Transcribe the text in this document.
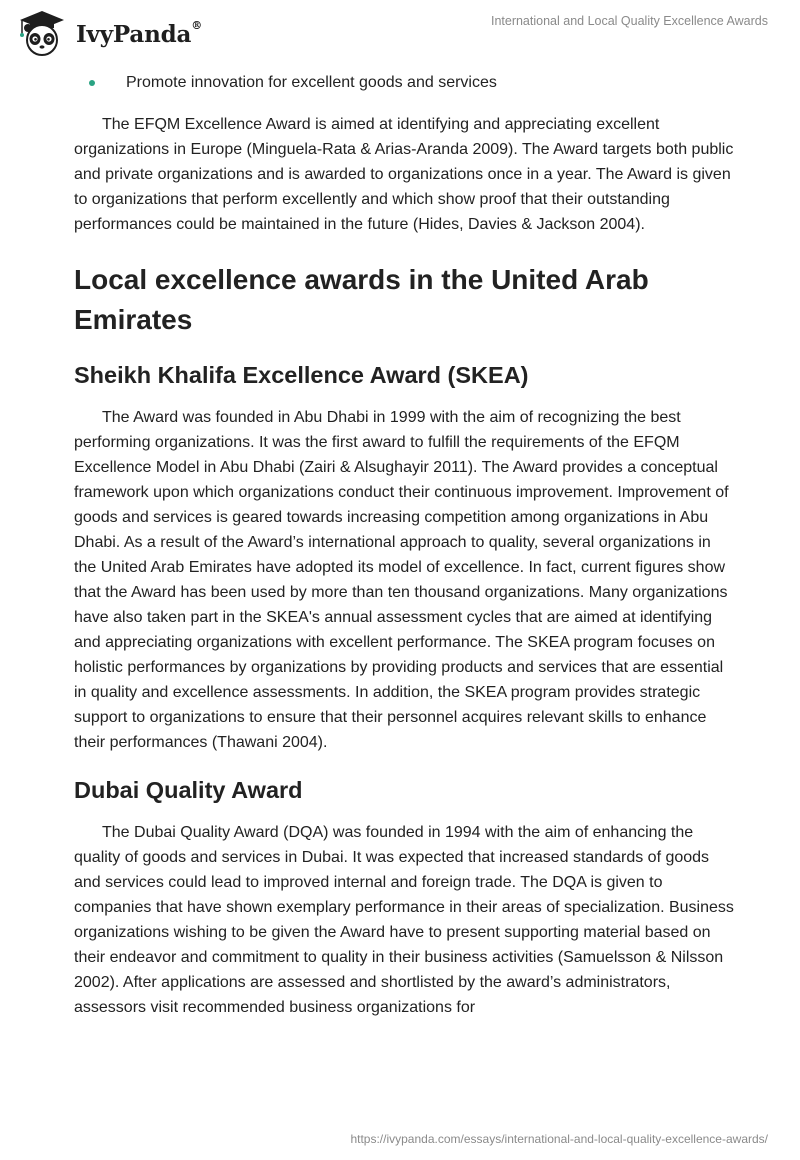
IvyPanda®	International and Local Quality Excellence Awards
Promote innovation for excellent goods and services

The EFQM Excellence Award is aimed at identifying and appreciating excellent organizations in Europe (Minguela-Rata & Arias-Aranda 2009). The Award targets both public and private organizations and is awarded to organizations once in a year. The Award is given to organizations that perform excellently and which show proof that their outstanding performances could be maintained in the future (Hides, Davies & Jackson 2004).

Local excellence awards in the United Arab Emirates
Sheikh Khalifa Excellence Award (SKEA)

The Award was founded in Abu Dhabi in 1999 with the aim of recognizing the best performing organizations. It was the first award to fulfill the requirements of the EFQM Excellence Model in Abu Dhabi (Zairi & Alsughayir 2011). The Award provides a conceptual framework upon which organizations conduct their continuous improvement. Improvement of goods and services is geared towards increasing competition among organizations in Abu Dhabi. As a result of the Award’s international approach to quality, several organizations in the United Arab Emirates have adopted its model of excellence. In fact, current figures show that the Award has been used by more than ten thousand organizations. Many organizations have also taken part in the SKEA's annual assessment cycles that are aimed at identifying and appreciating organizations with excellent performance. The SKEA program focuses on holistic performances by organizations by providing products and services that are essential in quality and excellence assessments. In addition, the SKEA program provides strategic support to organizations to ensure that their personnel acquires relevant skills to enhance their performances (Thawani 2004).

Dubai Quality Award

The Dubai Quality Award (DQA) was founded in 1994 with the aim of enhancing the quality of goods and services in Dubai. It was expected that increased standards of goods and services could lead to improved internal and foreign trade. The DQA is given to companies that have shown exemplary performance in their areas of specialization. Business organizations wishing to be given the Award have to present supporting material based on their endeavor and commitment to quality in their business activities (Samuelsson & Nilsson 2002). After applications are assessed and shortlisted by the award’s administrators, assessors visit recommended business organizations for

https://ivypanda.com/essays/international-and-local-quality-excellence-awards/
